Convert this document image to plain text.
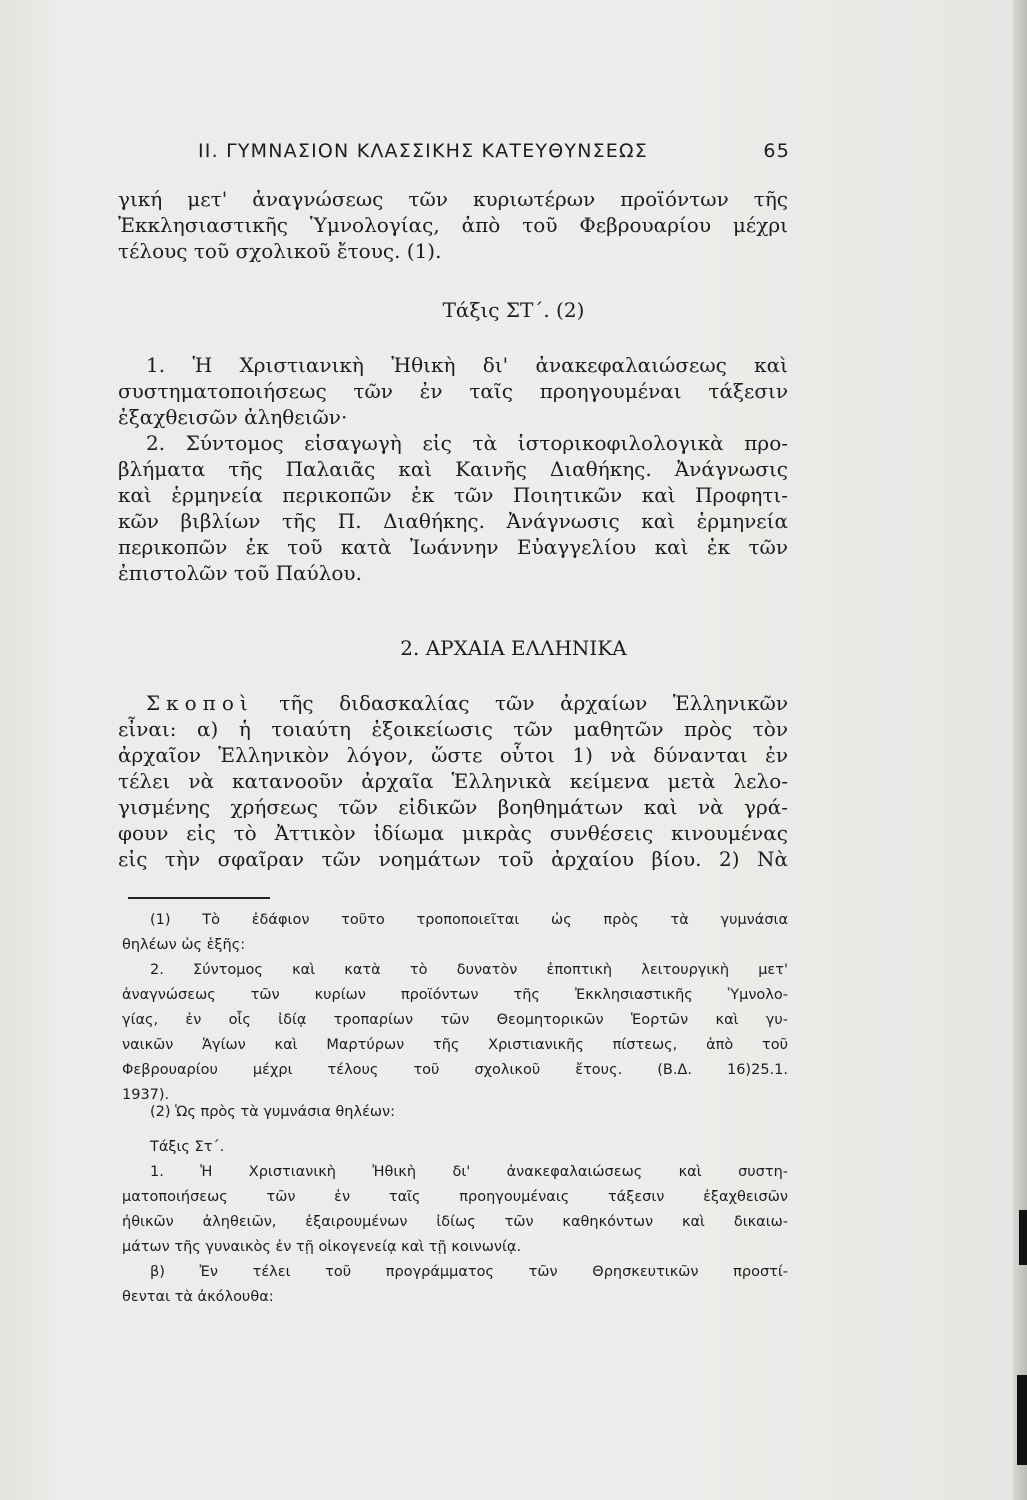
ΙΙ. ΓΥΜΝΑΣΙΟΝ ΚΛΑΣΣΙΚΗΣ ΚΑΤΕΥΘΥΝΣΕΩΣ	65
γική μετ' ἀναγνώσεως τῶν κυριωτέρων προϊόντων τῆς
Ἐκκλησιαστικῆς Ὑμνολογίας, ἀπὸ τοῦ Φεβρουαρίου μέχρι
τέλους τοῦ σχολικοῦ ἔτους. (1).
Τάξις ΣΤ΄. (2)
1. Ἡ Χριστιανικὴ Ἠθικὴ δι' ἀνακεφαλαιώσεως καὶ
συστηματοποιήσεως τῶν ἐν ταῖς προηγουμέναι τάξεσιν
ἐξαχθεισῶν ἀληθειῶν·
2. Σύντομος εἰσαγωγὴ εἰς τὰ ἱστορικοφιλολογικὰ προ-
βλήματα τῆς Παλαιᾶς καὶ Καινῆς Διαθήκης. Ἀνάγνωσις
καὶ ἑρμηνεία περικοπῶν ἐκ τῶν Ποιητικῶν καὶ Προφητι-
κῶν βιβλίων τῆς Π. Διαθήκης. Ἀνάγνωσις καὶ ἑρμηνεία
περικοπῶν ἐκ τοῦ κατὰ Ἰωάννην Εὐαγγελίου καὶ ἐκ τῶν
ἐπιστολῶν τοῦ Παύλου.
2. ΑΡΧΑΙΑ ΕΛΛΗΝΙΚΑ
Σκοποὶ τῆς διδασκαλίας τῶν ἀρχαίων Ἑλληνικῶν
εἶναι: α) ἡ τοιαύτη ἐξοικείωσις τῶν μαθητῶν πρὸς τὸν
ἀρχαῖον Ἑλληνικὸν λόγον, ὥστε οὗτοι 1) νὰ δύνανται ἐν
τέλει νὰ κατανοοῦν ἀρχαῖα Ἑλληνικὰ κείμενα μετὰ λελο-
γισμένης χρήσεως τῶν εἰδικῶν βοηθημάτων καὶ νὰ γρά-
φουν εἰς τὸ Ἀττικὸν ἰδίωμα μικρὰς συνθέσεις κινουμένας
εἰς τὴν σφαῖραν τῶν νοημάτων τοῦ ἀρχαίου βίου. 2) Νὰ
(1) Τὸ ἐδάφιον τοῦτο τροποποιεῖται ὡς πρὸς τὰ γυμνάσια
θηλέων ὡς ἑξῆς:
2. Σύντομος καὶ κατὰ τὸ δυνατὸν ἐποπτικὴ λειτουργικὴ μετ'
ἀναγνώσεως τῶν κυρίων προϊόντων τῆς Ἐκκλησιαστικῆς Ὑμνολο-
γίας, ἐν οἷς ἰδίᾳ τροπαρίων τῶν Θεομητορικῶν Ἑορτῶν καὶ γυ-
ναικῶν Ἁγίων καὶ Μαρτύρων τῆς Χριστιανικῆς πίστεως, ἀπὸ τοῦ
Φεβρουαρίου μέχρι τέλους τοῦ σχολικοῦ ἔτους. (Β.Δ. 16)25.1.
1937).
(2) Ὡς πρὸς τὰ γυμνάσια θηλέων:
Τάξις Στ΄.
1. Ἡ Χριστιανικὴ Ἠθικὴ δι' ἀνακεφαλαιώσεως καὶ συστη-
ματοποιήσεως τῶν ἐν ταῖς προηγουμέναις τάξεσιν ἐξαχθεισῶν
ἠθικῶν ἀληθειῶν, ἐξαιρουμένων ἰδίως τῶν καθηκόντων καὶ δικαιω-
μάτων τῆς γυναικὸς ἐν τῇ οἰκογενείᾳ καὶ τῇ κοινωνίᾳ.
β) Ἐν τέλει τοῦ προγράμματος τῶν Θρησκευτικῶν προστί-
θενται τὰ ἀκόλουθα:
